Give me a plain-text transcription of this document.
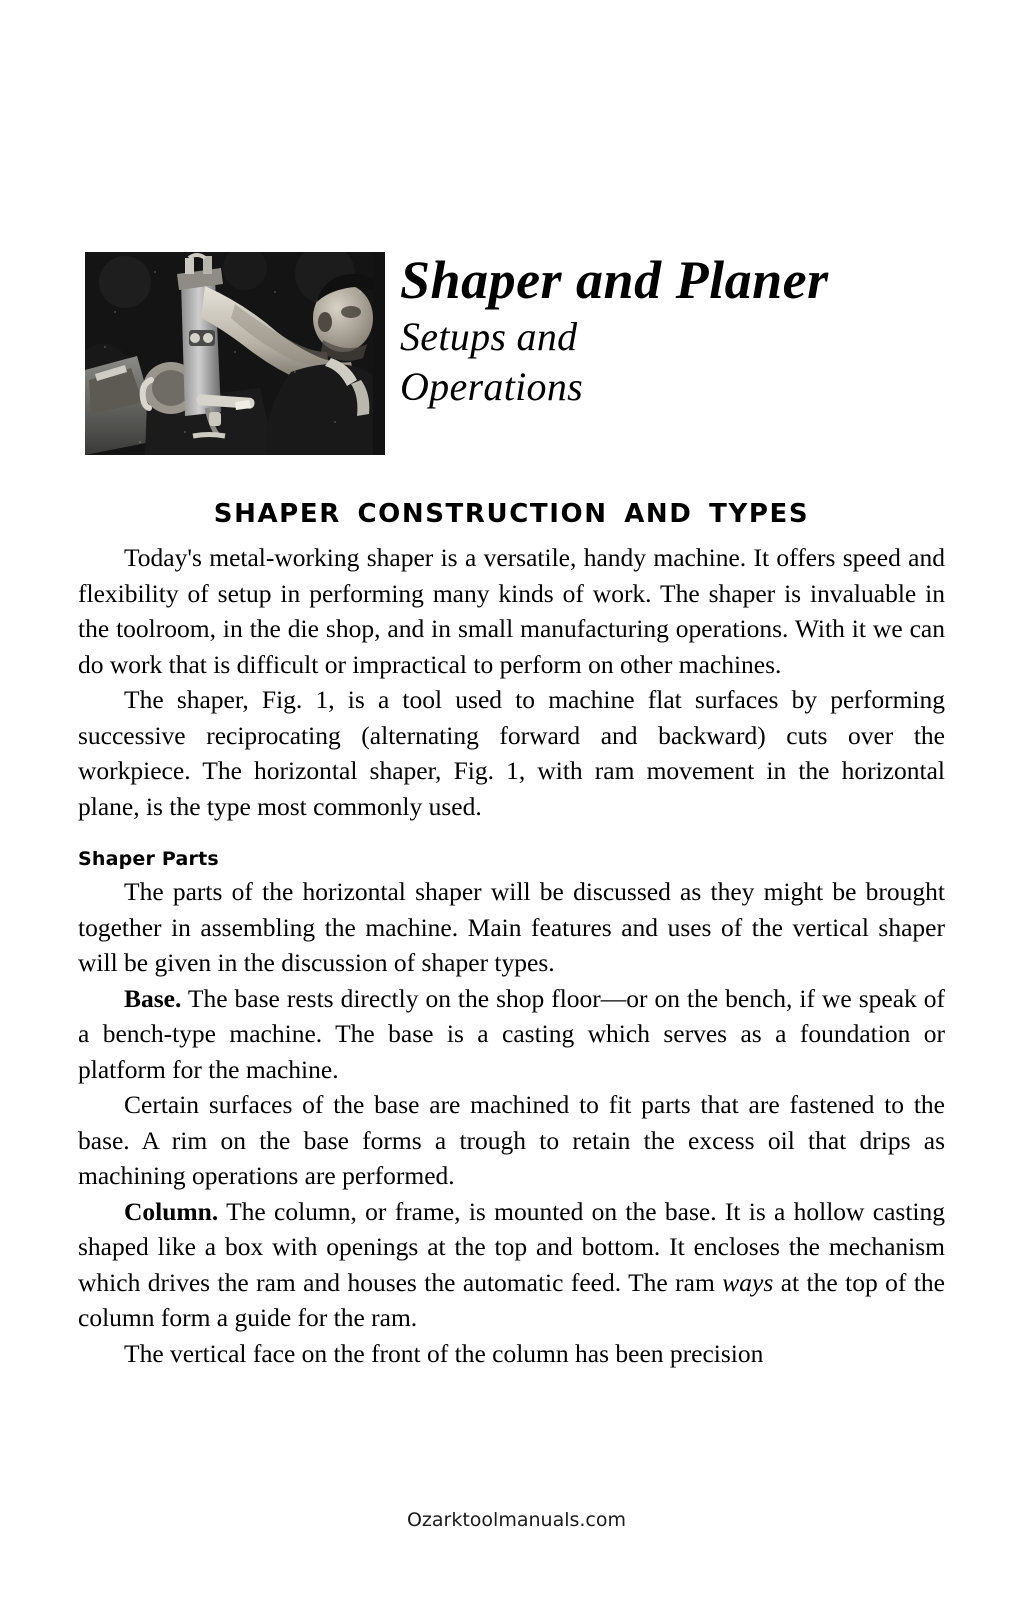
Shaper and Planer
Setups and
Operations
SHAPER CONSTRUCTION AND TYPES

Today's metal-working shaper is a versatile, handy machine. It offers speed and flexibility of setup in performing many kinds of work. The shaper is invaluable in the toolroom, in the die shop, and in small manufacturing operations. With it we can do work that is difficult or impractical to perform on other machines.

The shaper, Fig. 1, is a tool used to machine flat surfaces by performing successive reciprocating (alternating forward and backward) cuts over the workpiece. The horizontal shaper, Fig. 1, with ram movement in the horizontal plane, is the type most commonly used.

Shaper Parts

The parts of the horizontal shaper will be discussed as they might be brought together in assembling the machine. Main features and uses of the vertical shaper will be given in the discussion of shaper types.

Base. The base rests directly on the shop floor—or on the bench, if we speak of a bench-type machine. The base is a casting which serves as a foundation or platform for the machine.

Certain surfaces of the base are machined to fit parts that are fastened to the base. A rim on the base forms a trough to retain the excess oil that drips as machining operations are performed.

Column. The column, or frame, is mounted on the base. It is a hollow casting shaped like a box with openings at the top and bottom. It encloses the mechanism which drives the ram and houses the automatic feed. The ram ways at the top of the column form a guide for the ram.

The vertical face on the front of the column has been precision

Ozarktoolmanuals.com
